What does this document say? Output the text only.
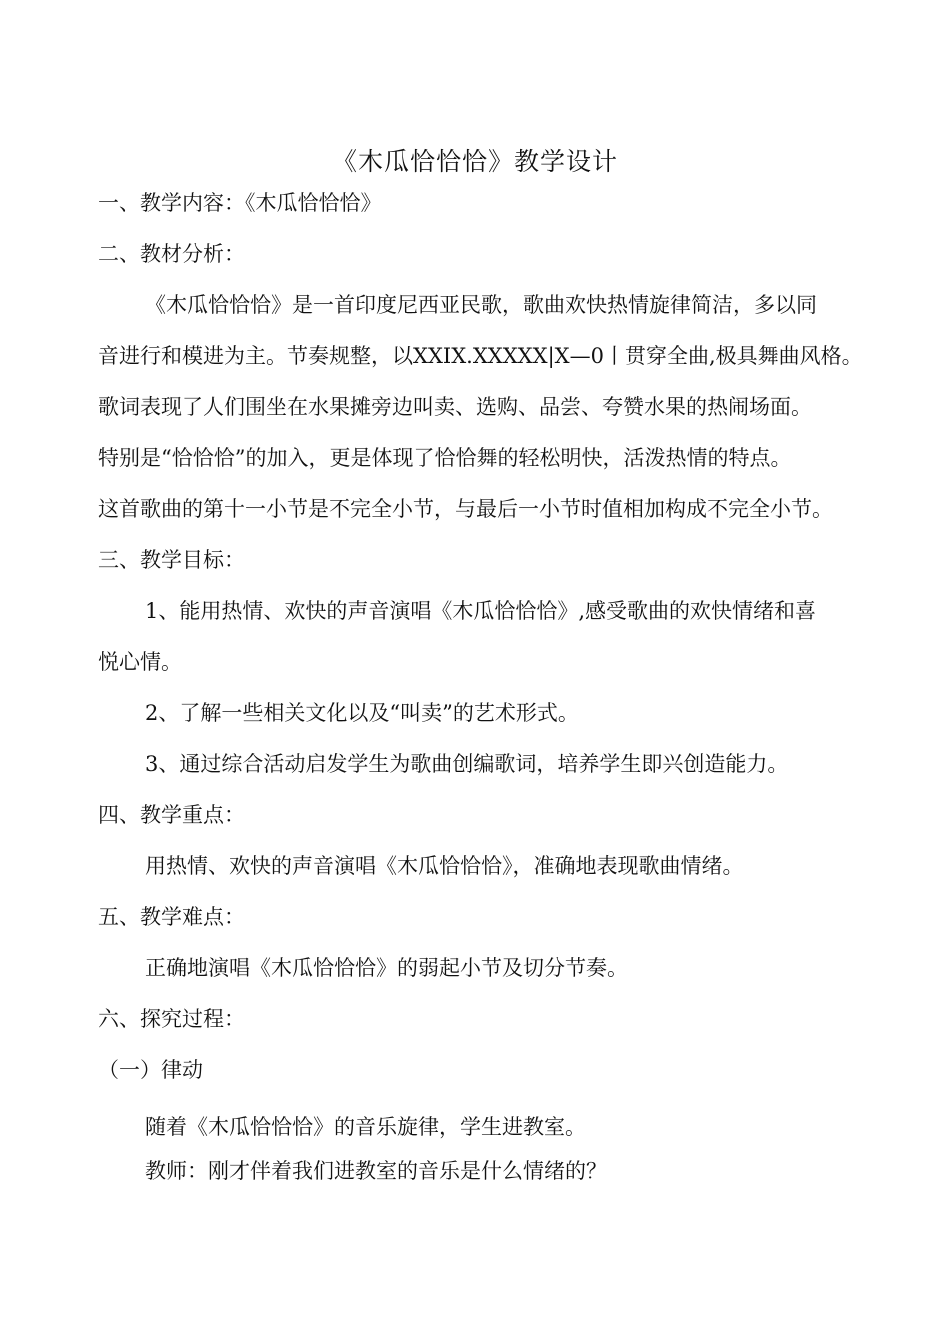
《木瓜恰恰恰》教学设计
一、教学内容：《木瓜恰恰恰》
二、教材分析：
《木瓜恰恰恰》是一首印度尼西亚民歌，歌曲欢快热情旋律简洁，多以同
音进行和模进为主。节奏规整，以XXIX.XXXXX|X—0丨贯穿全曲,极具舞曲风格。
歌词表现了人们围坐在水果摊旁边叫卖、选购、品尝、夸赞水果的热闹场面。
特别是“恰恰恰”的加入，更是体现了恰恰舞的轻松明快，活泼热情的特点。
这首歌曲的第十一小节是不完全小节，与最后一小节时值相加构成不完全小节。
三、教学目标：
1、能用热情、欢快的声音演唱《木瓜恰恰恰》,感受歌曲的欢快情绪和喜
悦心情。
2、了解一些相关文化以及“叫卖”的艺术形式。
3、通过综合活动启发学生为歌曲创编歌词，培养学生即兴创造能力。
四、教学重点：
用热情、欢快的声音演唱《木瓜恰恰恰》，准确地表现歌曲情绪。
五、教学难点：
正确地演唱《木瓜恰恰恰》的弱起小节及切分节奏。
六、探究过程：
（一）律动
随着《木瓜恰恰恰》的音乐旋律，学生进教室。
教师：刚才伴着我们进教室的音乐是什么情绪的？
